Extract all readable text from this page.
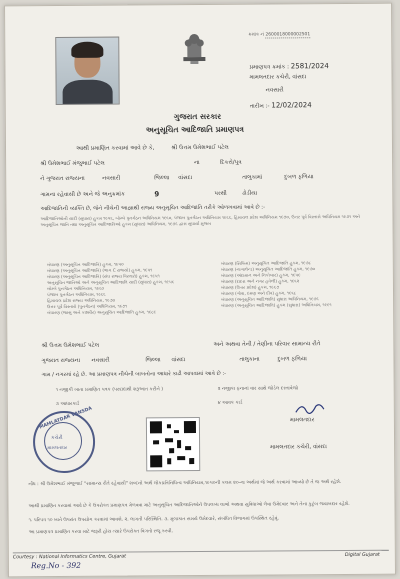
ક્રમાંક નં 2600018000002501
પ્રમાણપત્ર ક્રમાંક : 2581/2024
મામલતદાર કચેરી, વાંસદા
નવસારી
તારીખ :- 12/02/2024
ગુજરાત સરકાર
અનુસૂચિત આદિજાતિ પ્રમાણપત્ર
આથી પ્રમાણિત કરવામાં આવે છે કે,	શ્રી ઉત્તમ ઉમેશભાઈ પટેલ
શ્રી ઉમેશભાઈ મંજુભાઈ પટેલ	ના	દિકરો/પુત્ર
ને ગુજરાત રાજ્યના	નવસારી	જિલ્લા વાંસદા	તાલુકામાં	દુબળ ફળિયા
ગામના રહેવાસી છે અને જે અનુક્રમાંક	9	પરથી	ઢોડીયા
આદિજાતિની વ્યક્તિ છે, જેને નીચેની આજ્ઞાથી રાજ્ય અનુસૂચિત આદિજાતિ તરીકે ઓળખવામાં આવે છે :-
આદિજાતિઓની યાદી (સુધારા) હુકમ ૧૯૫૬, બોમ્બે પુનર્ગઠન અધિનિયમ ૧૯૬૦, પંજાબ પુનર્ગઠન અધિનિયમ ૧૯૬૬, હિમાચલ પ્રદેશ અધિનિયમ ૧૯૭૦, ઉત્તર પૂર્વ વિસ્તારો અધિનિયમ ૧૯૭૧ અને અનુસૂચિત જાતિ તથા અનુસૂચિત આદિજાતિઓ હુકમ (સુધારા) અધિનિયમ, ૧૯૭૬ દ્વારા સુધાર્યા મુજબ
બંધારણ (અનુસૂચિત આદિજાતિ) હુકમ, ૧૯૫૦
બંધારણ (અનુસૂચિત આદિજાતિ) (ભાગ C રાજ્યો) હુકમ, ૧૯૫૧
બંધારણ (અનુસૂચિત આદિજાતિ) (સંઘ રાજ્ય વિસ્તારો) હુકમ, ૧૯૫૧
અનુસૂચિત જાતિઓ અને અનુસૂચિત આદિજાતિ યાદી (સુધારા) હુકમ, ૧૯૫૬
બોમ્બે પુનર્ગઠન અધિનિયમ, ૧૯૬૦
પંજાબ પુનર્ગઠન અધિનિયમ, ૧૯૬૬
હિમાચલ પ્રદેશ રાજ્ય અધિનિયમ, ૧૯૭૦
ઉત્તર પૂર્વ વિસ્તારો (પુનર્ગઠન) અધિનિયમ, ૧૯૭૧
બંધારણ (જમ્મુ અને કાશ્મીર) અનુસૂચિત આદિજાતિ હુકમ, ૧૯૮૯
બંધારણ (સિક્કિમ) અનુસૂચિત આદિજાતિ હુકમ, ૧૯૭૮
બંધારણ (નાગાલેન્ડ) અનુસૂચિત આદિજાતિ હુકમ, ૧૯૭૦
બંધારણ (અંદામાન અને નિકોબાર) હુકમ, ૧૯૫૯
બંધારણ (દાદરા અને નગર હવેલી) હુકમ, ૧૯૬૨
બંધારણ (ઉત્તર પ્રદેશ) હુકમ, ૧૯૬૭
બંધારણ (ગોવા, દમણ અને દીવ) હુકમ, ૧૯૬૮
બંધારણ (અનુસૂચિત આદિજાતિ) સુધારા અધિનિયમ, ૧૯૭૬
બંધારણ (અનુસૂચિત આદિજાતિ) હુકમ (સુધારા) અધિનિયમ, ૧૯૯૧
શ્રી ઉત્તમ ઉમેશભાઈ પટેલ	અને અથવા તેની / તેણીના પરિવાર સામાન્ય રીતે
ગુજરાત રાજ્યના નવસારી	જિલ્લા વાંસદા	તાલુકાના	દુબળ ફળિયા
ગામ / નગરમાં રહે છે. આ પ્રમાણપત્ર નીચેની બાબતોના આધારે કાઢી આપવામાં આવે છે :-
૧ નજીકી ખાતા પ્રમાણિત પત્રક (પરદાદાથી શરૂઆત કરીને )	૨ નજીકા ફ્નાનાં વાર સાથે જોડેલ દસ્તાવેજો
૩ આધારકાર્ડ	૪ આવક કાર્ડ
MAMLATDAR VANSDA
કચેરી
મામલતદાર
મામલતદાર
મામલતદાર કચેરી, વાંસદા
નોંધ : શ્રી ઉમેશભાઈ મંજુભાઈ "સામાન્ય રીતે રહેવાસી" શબ્દનો અર્થ લોકપ્રતિનિધિત્વ અધિનિયમ,૧૯૫૦ની કલમ ૨૦-ના અર્થમાં જે અર્થ કરવામાં આવ્યો છે તે જ અર્થ રહેશે.
આથી પ્રમાણિત કરવામાં આવે છે કે ઉપરોક્ત પ્રમાણપત્ર મેળવવા માટે અનુસૂચિત આદિજાતિઓને ઉપલબ્ધ લાભો અથવા સુવિધાઓ લેવા ઉમેદવાર અને તેના કુટુંબ જવાબદાર રહેશે.
૧. પરિપત્ર ૧૦ ખાતે ઉપરાંત ઉપયોગ કરવામાં આવશે. ૨. લાગતી પરિસ્થિતિ. ૩. મુલાકાત સમયે ઉમેદવારે, સંબંધિત વિભાગમાં ઉપસ્થિત રહેવું.
આ પ્રમાણપત્ર પ્રમાણિત કરવા માટે જરૂરી હોય ત્યારે ઉપરોક્ત વિગતો રજૂ કરવી.
Courtesy : National Informatics Centre, Gujarat	Digital Gujarat
Reg.No - 392
